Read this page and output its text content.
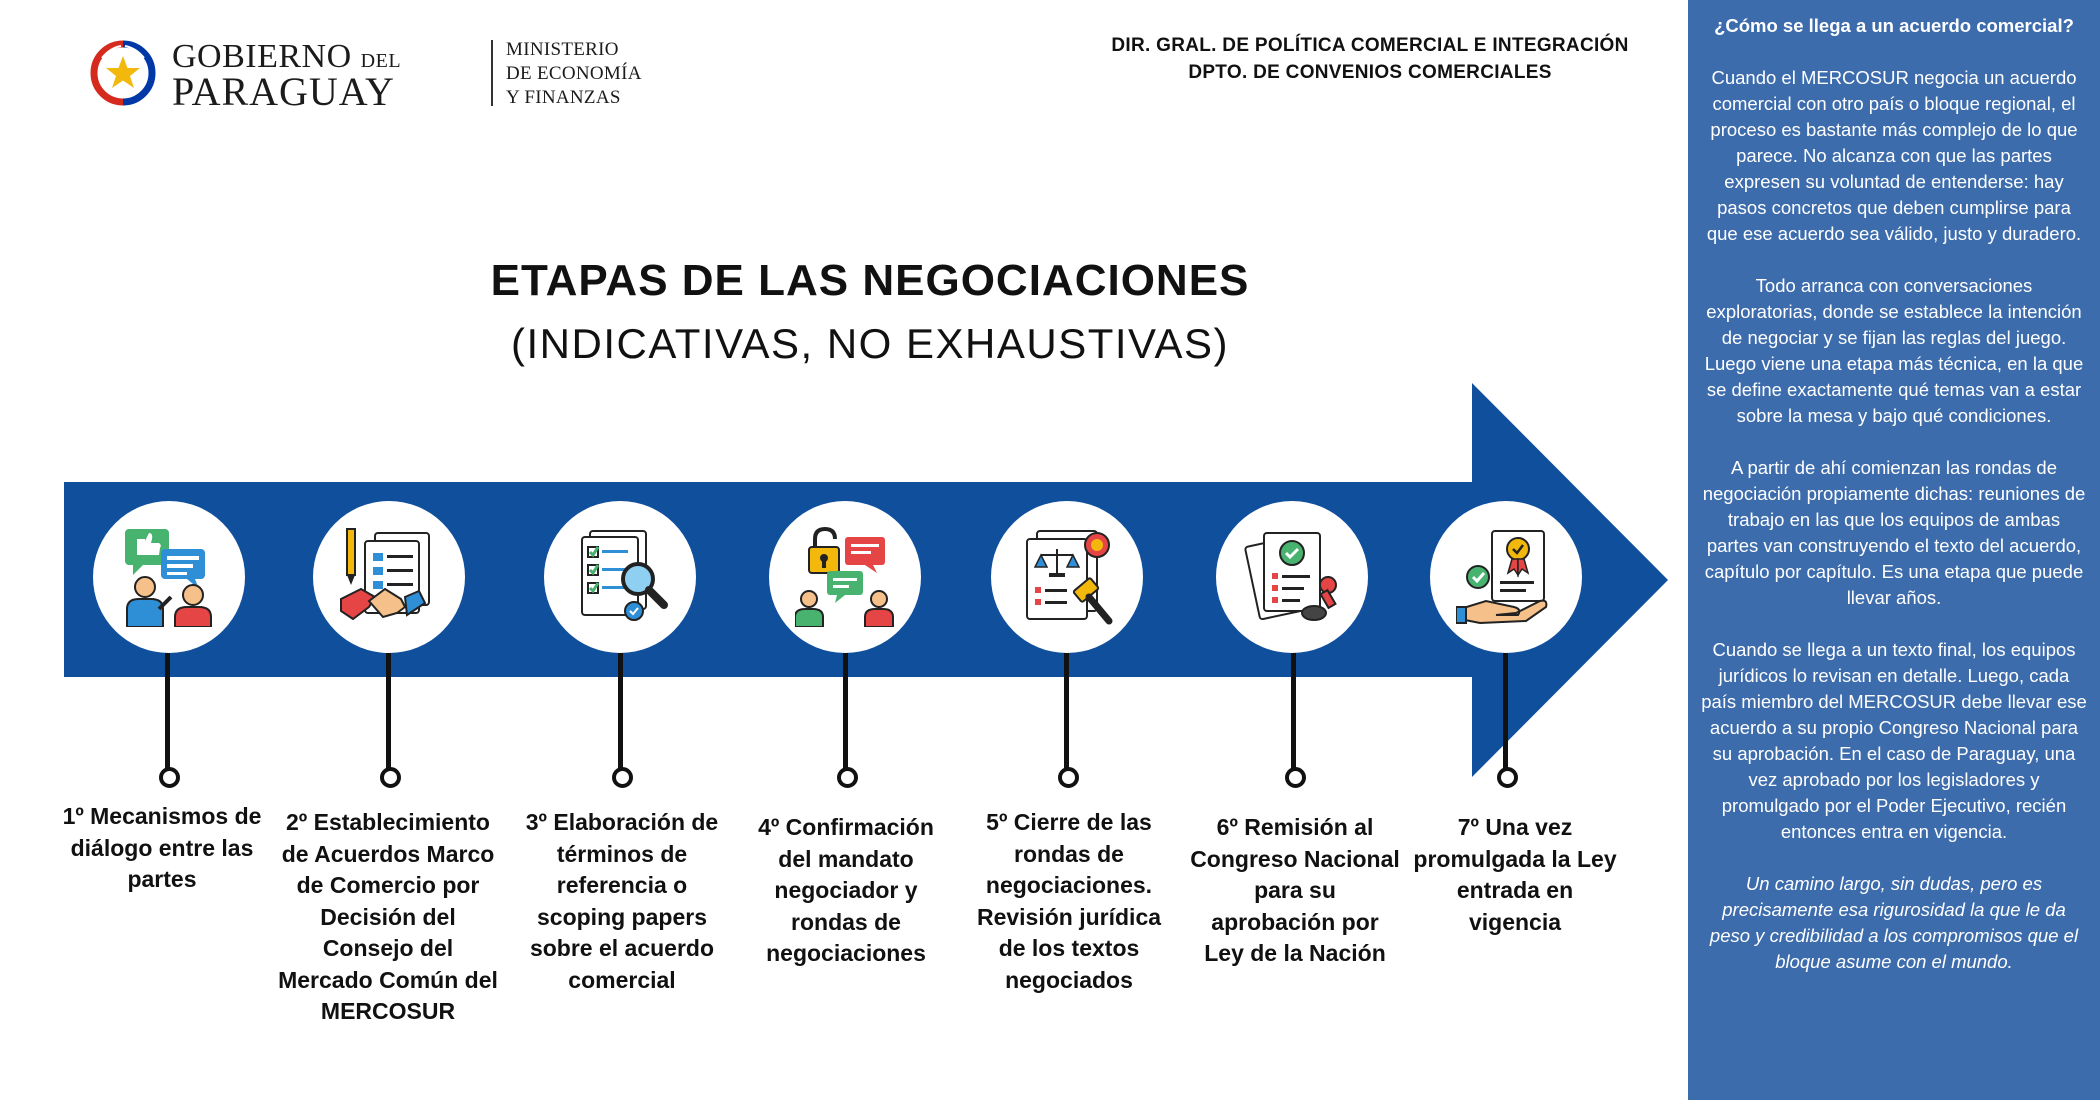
GOBIERNO DEL
PARAGUAY
MINISTERIO
DE ECONOMÍA
Y FINANZAS
DIR. GRAL. DE POLÍTICA COMERCIAL E INTEGRACIÓN
DPTO. DE CONVENIOS COMERCIALES
ETAPAS DE LAS NEGOCIACIONES
(INDICATIVAS, NO EXHAUSTIVAS)
1º Mecanismos de diálogo entre las partes
2º Establecimiento de Acuerdos Marco de Comercio por Decisión del Consejo del Mercado Común del MERCOSUR
3º Elaboración de términos de referencia o scoping papers sobre el acuerdo comercial
4º Confirmación del mandato negociador y rondas de negociaciones
5º Cierre de las rondas de negociaciones. Revisión jurídica de los textos negociados
6º Remisión al Congreso Nacional para su aprobación por Ley de la Nación
7º Una vez promulgada la Ley entrada en vigencia

¿Cómo se llega a un acuerdo comercial?

Cuando el MERCOSUR negocia un acuerdo comercial con otro país o bloque regional, el proceso es bastante más complejo de lo que parece. No alcanza con que las partes expresen su voluntad de entenderse: hay pasos concretos que deben cumplirse para que ese acuerdo sea válido, justo y duradero.

Todo arranca con conversaciones exploratorias, donde se establece la intención de negociar y se fijan las reglas del juego. Luego viene una etapa más técnica, en la que se define exactamente qué temas van a estar sobre la mesa y bajo qué condiciones.

A partir de ahí comienzan las rondas de negociación propiamente dichas: reuniones de trabajo en las que los equipos de ambas partes van construyendo el texto del acuerdo, capítulo por capítulo. Es una etapa que puede llevar años.

Cuando se llega a un texto final, los equipos jurídicos lo revisan en detalle. Luego, cada país miembro del MERCOSUR debe llevar ese acuerdo a su propio Congreso Nacional para su aprobación. En el caso de Paraguay, una vez aprobado por los legisladores y promulgado por el Poder Ejecutivo, recién entonces entra en vigencia.

Un camino largo, sin dudas, pero es precisamente esa rigurosidad la que le da peso y credibilidad a los compromisos que el bloque asume con el mundo.
